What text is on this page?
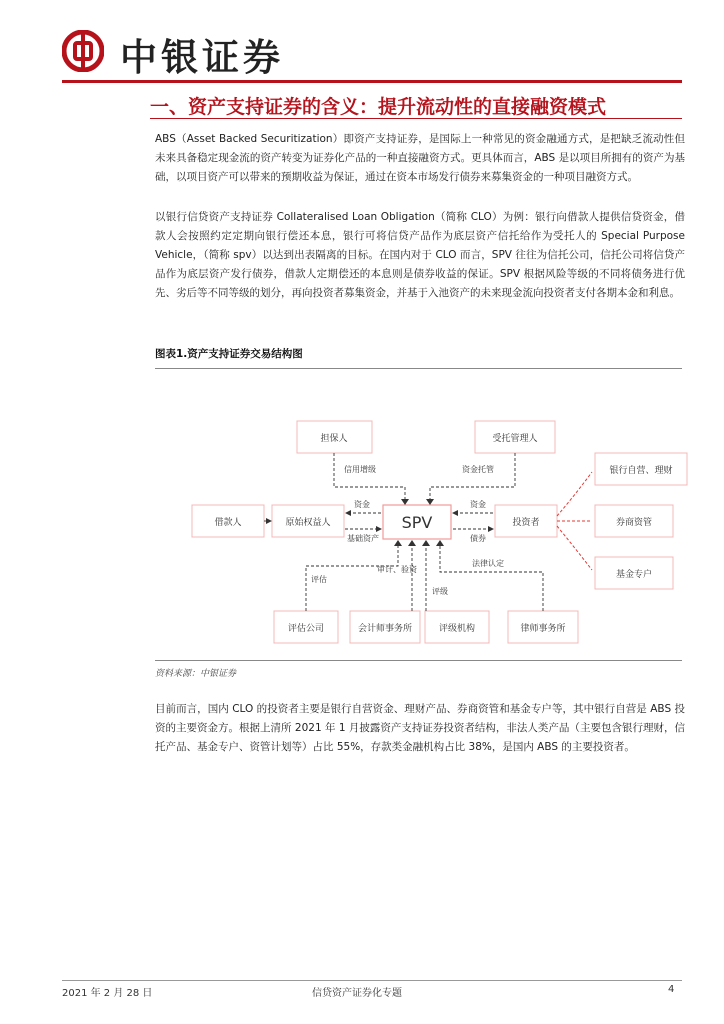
中银证券
一、资产支持证券的含义：提升流动性的直接融资模式

ABS（Asset Backed Securitization）即资产支持证券，是国际上一种常见的资金融通方式，是把缺乏流动性但未来具备稳定现金流的资产转变为证券化产品的一种直接融资方式。更具体而言，ABS 是以项目所拥有的资产为基础，以项目资产可以带来的预期收益为保证，通过在资本市场发行债券来募集资金的一种项目融资方式。

以银行信贷资产支持证券 Collateralised Loan Obligation（简称 CLO）为例：银行向借款人提供信贷资金，借款人会按照约定定期向银行偿还本息，银行可将信贷产品作为底层资产信托给作为受托人的 Special Purpose Vehicle，（简称 spv）以达到出表隔离的目标。在国内对于 CLO 而言，SPV 往往为信托公司，信托公司将信贷产品作为底层资产发行债券，借款人定期偿还的本息则是债券收益的保证。SPV 根据风险等级的不同将债务进行优先、劣后等不同等级的划分，再向投资者募集资金，并基于入池资产的未来现金流向投资者支付各期本金和利息。

图表1.资产支持证券交易结构图
担保人	受托管理人
借款人	原始权益人	SPV	投资者
银行自营、理财
券商资管
基金专户
评估公司	会计师事务所	评级机构	律师事务所
信用增级	资金托管
资金
基础资产
资金
债券
评估
审计、验资
评级
法律认定
资料来源：中银证券

目前而言，国内 CLO 的投资者主要是银行自营资金、理财产品、券商资管和基金专户等，其中银行自营是 ABS 投资的主要资金方。根据上清所 2021 年 1 月披露资产支持证券投资者结构，非法人类产品（主要包含银行理财，信托产品、基金专户、资管计划等）占比 55%，存款类金融机构占比 38%，是国内 ABS 的主要投资者。

2021 年 2 月 28 日	信贷资产证券化专题	4
